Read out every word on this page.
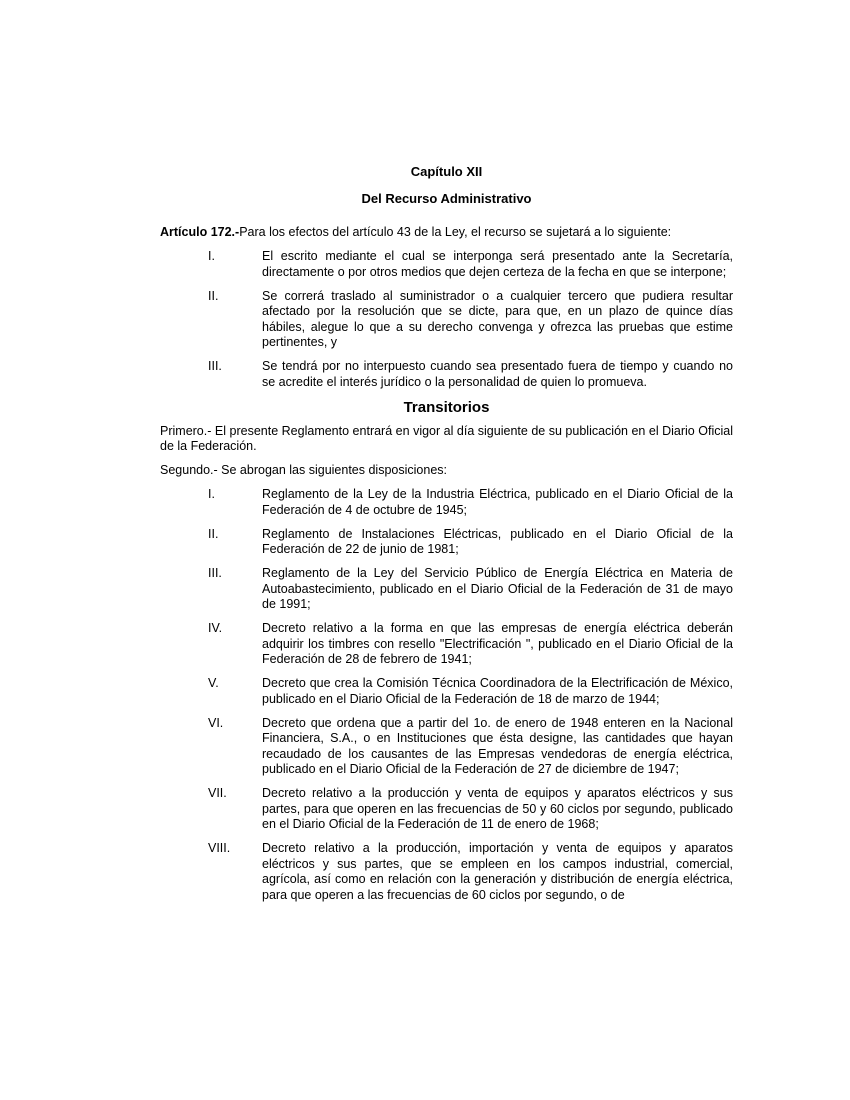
Capítulo XII
Del Recurso Administrativo

Artículo 172.-Para los efectos del artículo 43 de la Ley, el recurso se sujetará a lo siguiente:

I.	El escrito mediante el cual se interponga será presentado ante la Secretaría, directamente o por otros medios que dejen certeza de la fecha en que se interpone;
II.	Se correrá traslado al suministrador o a cualquier tercero que pudiera resultar afectado por la resolución que se dicte, para que, en un plazo de quince días hábiles, alegue lo que a su derecho convenga y ofrezca las pruebas que estime pertinentes, y
III.	Se tendrá por no interpuesto cuando sea presentado fuera de tiempo y cuando no se acredite el interés jurídico o la personalidad de quien lo promueva.
Transitorios

Primero.- El presente Reglamento entrará en vigor al día siguiente de su publicación en el Diario Oficial de la Federación.

Segundo.- Se abrogan las siguientes disposiciones:

I.	Reglamento de la Ley de la Industria Eléctrica, publicado en el Diario Oficial de la Federación de 4 de octubre de 1945;
II.	Reglamento de Instalaciones Eléctricas, publicado en el Diario Oficial de la Federación de 22 de junio de 1981;
III.	Reglamento de la Ley del Servicio Público de Energía Eléctrica en Materia de Autoabastecimiento, publicado en el Diario Oficial de la Federación de 31 de mayo de 1991;
IV.	Decreto relativo a la forma en que las empresas de energía eléctrica deberán adquirir los timbres con resello "Electrificación ", publicado en el Diario Oficial de la Federación de 28 de febrero de 1941;
V.	Decreto que crea la Comisión Técnica Coordinadora de la Electrificación de México, publicado en el Diario Oficial de la Federación de 18 de marzo de 1944;
VI.	Decreto que ordena que a partir del 1o. de enero de 1948 enteren en la Nacional Financiera, S.A., o en Instituciones que ésta designe, las cantidades que hayan recaudado de los causantes de las Empresas vendedoras de energía eléctrica, publicado en el Diario Oficial de la Federación de 27 de diciembre de 1947;
VII.	Decreto relativo a la producción y venta de equipos y aparatos eléctricos y sus partes, para que operen en las frecuencias de 50 y 60 ciclos por segundo, publicado en el Diario Oficial de la Federación de 11 de enero de 1968;
VIII.	Decreto relativo a la producción, importación y venta de equipos y aparatos eléctricos y sus partes, que se empleen en los campos industrial, comercial, agrícola, así como en relación con la generación y distribución de energía eléctrica, para que operen a las frecuencias de 60 ciclos por segundo, o de
